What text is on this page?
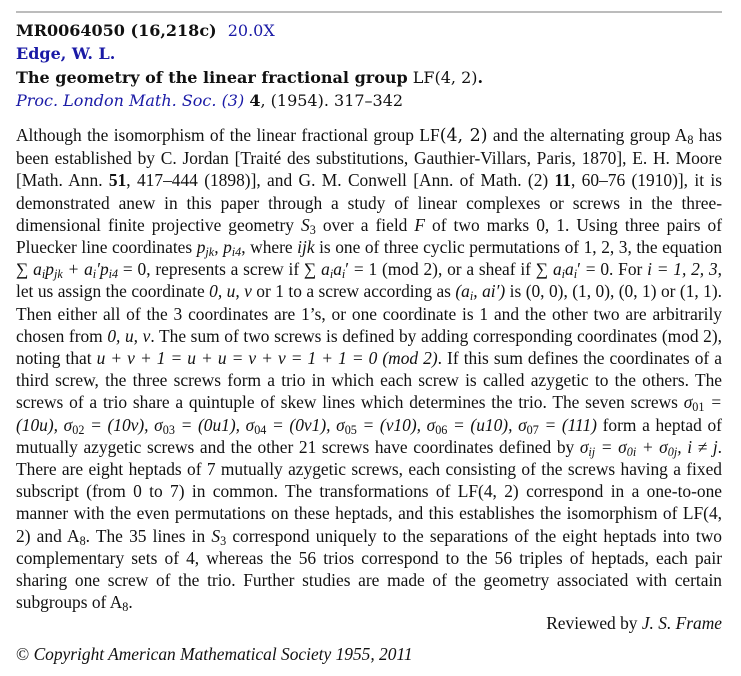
MR0064050 (16,218c) 20.0X
Edge, W. L.
The geometry of the linear fractional group LF(4, 2).
Proc. London Math. Soc. (3) 4, (1954). 317–342

Although the isomorphism of the linear fractional group LF(4, 2) and the alternating group $A_8$ has been established by C. Jordan [Traité des substitutions, Gauthier-Villars, Paris, 1870], E. H. Moore [Math. Ann. 51, 417–444 (1898)], and G. M. Conwell [Ann. of Math. (2) 11, 60–76 (1910)], it is demonstrated anew in this paper through a study of linear complexes or screws in the three-dimensional finite projective geometry $S_3$ over a field F of two marks 0, 1. Using three pairs of Pluecker line coordinates $p_{jk}$, $p_{i4}$, where ijk is one of three cyclic permutations of 1, 2, 3, the equation ∑ $a_ip_{jk} + a_i'p_{i4} = 0$, represents a screw if ∑ $a_ia_i' = 1$ (mod 2), or a sheaf if ∑ $a_ia_i' = 0$. For i = 1, 2, 3, let us assign the coordinate 0, u, v or 1 to a screw according as ($a_i$, ai′) is (0, 0), (1, 0), (0, 1) or (1, 1). Then either all of the 3 coordinates are 1’s, or one coordinate is 1 and the other two are arbitrarily chosen from 0, u, v. The sum of two screws is defined by adding corresponding coordinates (mod 2), noting that u + v + 1 = u + u = v + v = 1 + 1 = 0 (mod 2). If this sum defines the coordinates of a third screw, the three screws form a trio in which each screw is called azygetic to the others. The screws of a trio share a quintuple of skew lines which determines the trio. The seven screws $\sigma_{01} = (10u)$, $\sigma_{02} = (10v)$, $\sigma_{03} = (0u1)$, $\sigma_{04} = (0v1)$, $\sigma_{05} = (v10)$, $\sigma_{06} = (u10)$, $\sigma_{07} = (111)$ form a heptad of mutually azygetic screws and the other 21 screws have coordinates defined by $\sigma_{ij} = \sigma_{0i} + \sigma_{0j}$, i ≠ j. There are eight heptads of 7 mutually azygetic screws, each consisting of the screws having a fixed subscript (from 0 to 7) in common. The transformations of LF(4, 2) correspond in a one-to-one manner with the even permutations on these heptads, and this establishes the isomorphism of LF(4, 2) and $A_8$. The 35 lines in $S_3$ correspond uniquely to the separations of the eight heptads into two complementary sets of 4, whereas the 56 trios correspond to the 56 triples of heptads, each pair sharing one screw of the trio. Further studies are made of the geometry associated with certain subgroups of $A_8$.

Reviewed by J. S. Frame
© Copyright American Mathematical Society 1955, 2011
